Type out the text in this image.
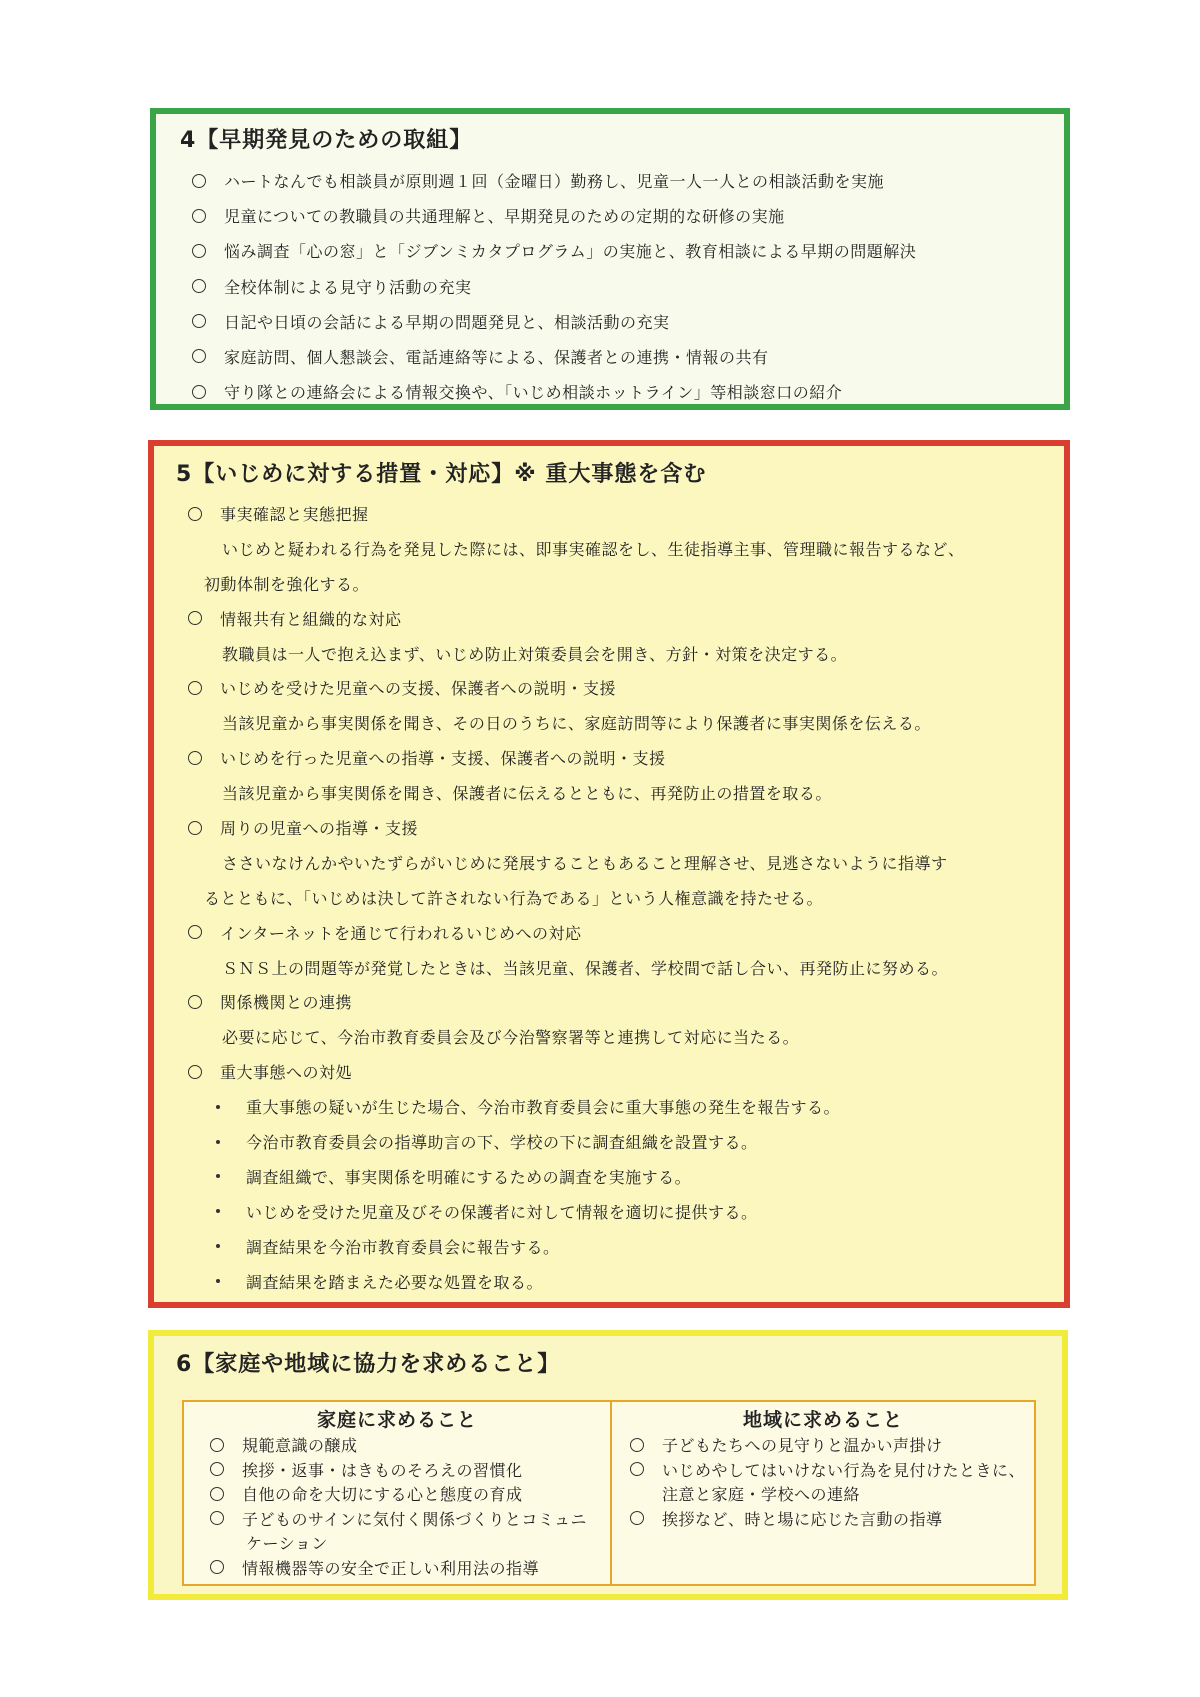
4【早期発見のための取組】
ハートなんでも相談員が原則週１回（金曜日）勤務し、児童一人一人との相談活動を実施
児童についての教職員の共通理解と、早期発見のための定期的な研修の実施
悩み調査「心の窓」と「ジブンミカタプログラム」の実施と、教育相談による早期の問題解決
全校体制による見守り活動の充実
日記や日頃の会話による早期の問題発見と、相談活動の充実
家庭訪問、個人懇談会、電話連絡等による、保護者との連携・情報の共有
守り隊との連絡会による情報交換や、「いじめ相談ホットライン」等相談窓口の紹介
5【いじめに対する措置・対応】※ 重大事態を含む
事実確認と実態把握
いじめと疑われる行為を発見した際には、即事実確認をし、生徒指導主事、管理職に報告するなど、
初動体制を強化する。
情報共有と組織的な対応
教職員は一人で抱え込まず、いじめ防止対策委員会を開き、方針・対策を決定する。
いじめを受けた児童への支援、保護者への説明・支援
当該児童から事実関係を聞き、その日のうちに、家庭訪問等により保護者に事実関係を伝える。
いじめを行った児童への指導・支援、保護者への説明・支援
当該児童から事実関係を聞き、保護者に伝えるとともに、再発防止の措置を取る。
周りの児童への指導・支援
ささいなけんかやいたずらがいじめに発展することもあること理解させ、見逃さないように指導す
るとともに、「いじめは決して許されない行為である」という人権意識を持たせる。
インターネットを通じて行われるいじめへの対応
ＳＮＳ上の問題等が発覚したときは、当該児童、保護者、学校間で話し合い、再発防止に努める。
関係機関との連携
必要に応じて、今治市教育委員会及び今治警察署等と連携して対応に当たる。
重大事態への対処
重大事態の疑いが生じた場合、今治市教育委員会に重大事態の発生を報告する。
今治市教育委員会の指導助言の下、学校の下に調査組織を設置する。
調査組織で、事実関係を明確にするための調査を実施する。
いじめを受けた児童及びその保護者に対して情報を適切に提供する。
調査結果を今治市教育委員会に報告する。
調査結果を踏まえた必要な処置を取る。
6【家庭や地域に協力を求めること】
家庭に求めること
規範意識の醸成
挨拶・返事・はきものそろえの習慣化
自他の命を大切にする心と態度の育成
子どものサインに気付く関係づくりとコミュニケーション
情報機器等の安全で正しい利用法の指導
地域に求めること
子どもたちへの見守りと温かい声掛け
いじめやしてはいけない行為を見付けたときに、注意と家庭・学校への連絡
挨拶など、時と場に応じた言動の指導
